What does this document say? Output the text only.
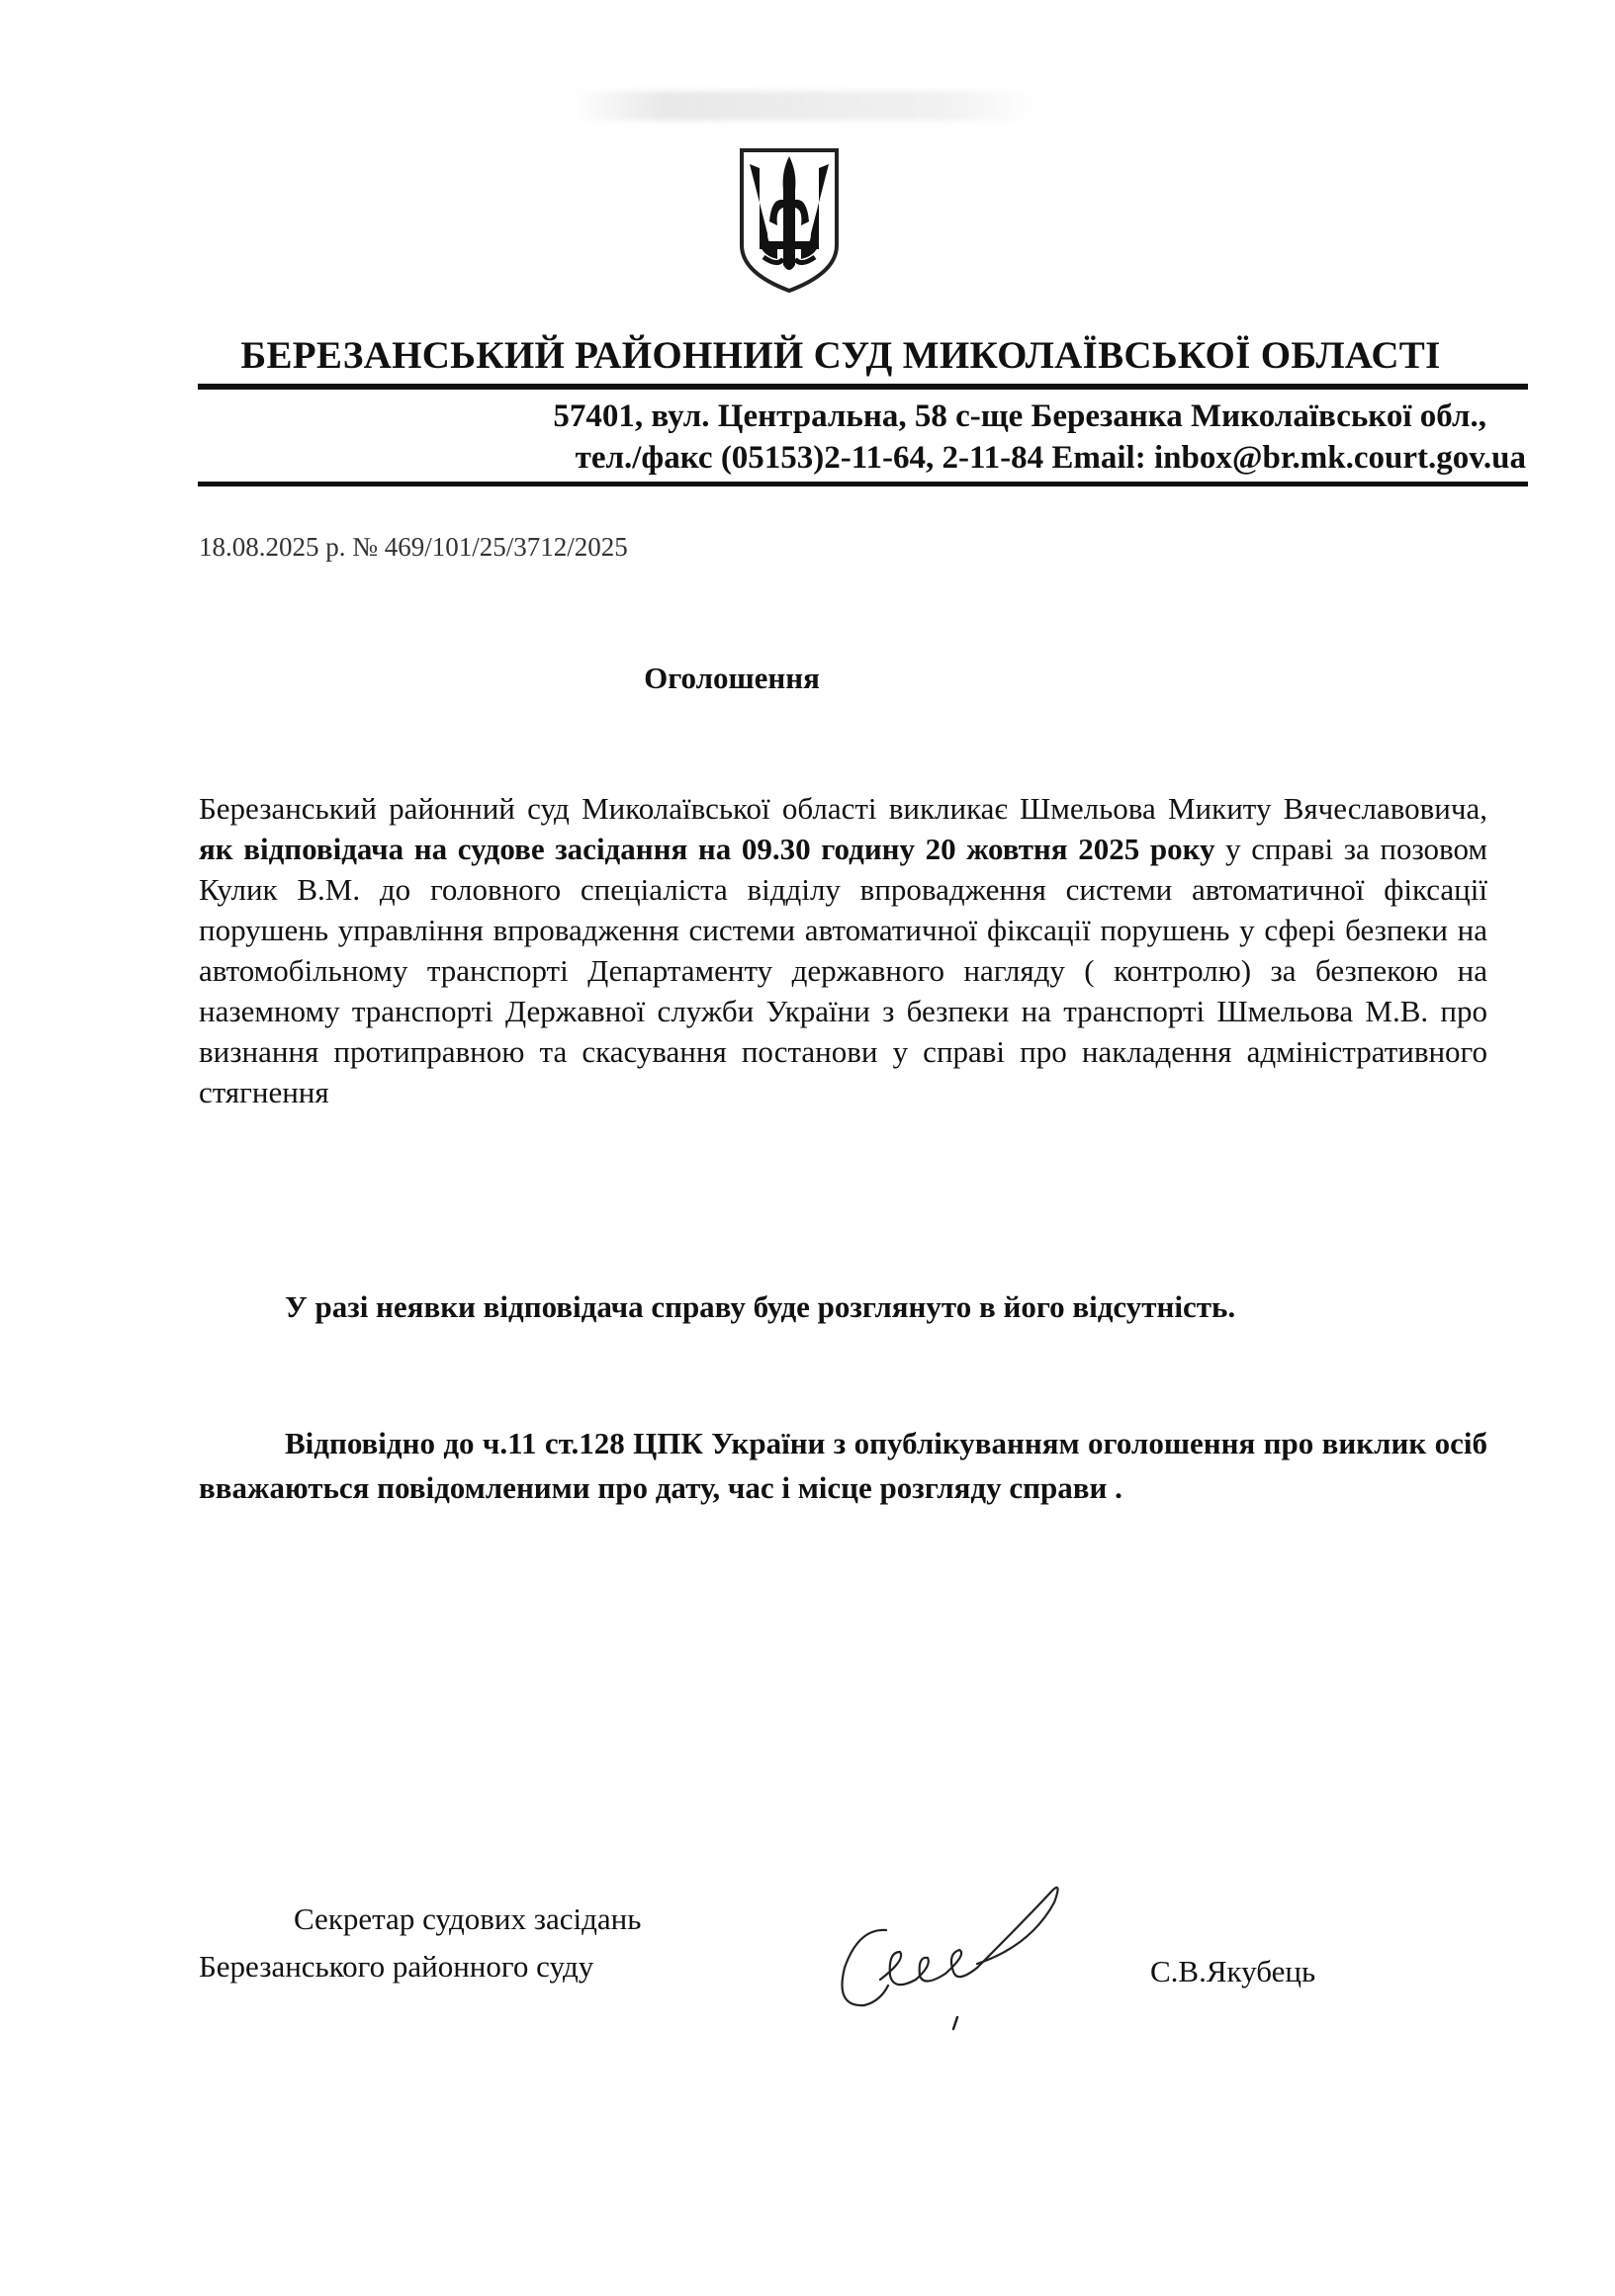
БЕРЕЗАНСЬКИЙ РАЙОННИЙ СУД МИКОЛАЇВСЬКОЇ ОБЛАСТІ
57401, вул. Центральна, 58 с-ще Березанка Миколаївської обл.,
тел./факс (05153)2-11-64, 2-11-84 Email: inbox@br.mk.court.gov.ua
18.08.2025 р. № 469/101/25/3712/2025
Оголошення
Березанський районний суд Миколаївської області викликає Шмельова Микиту Вячеславовича, як відповідача на судове засідання на 09.30 годину 20 жовтня 2025 року у справі за позовом Кулик В.М. до головного спеціаліста відділу впровадження системи автоматичної фіксації порушень управління впровадження системи автоматичної фіксації порушень у сфері безпеки на автомобільному транспорті Департаменту державного нагляду ( контролю) за безпекою на наземному транспорті Державної служби України з безпеки на транспорті Шмельова М.В. про визнання протиправною та скасування постанови у справі про накладення адміністративного стягнення
У разі неявки відповідача справу буде розглянуто в його відсутність.
Відповідно до ч.11 ст.128 ЦПК України з опублікуванням оголошення про виклик осіб вважаються повідомленими про дату, час і місце розгляду справи .
Секретар судових засідань
Березанського районного суду	С.В.Якубець
